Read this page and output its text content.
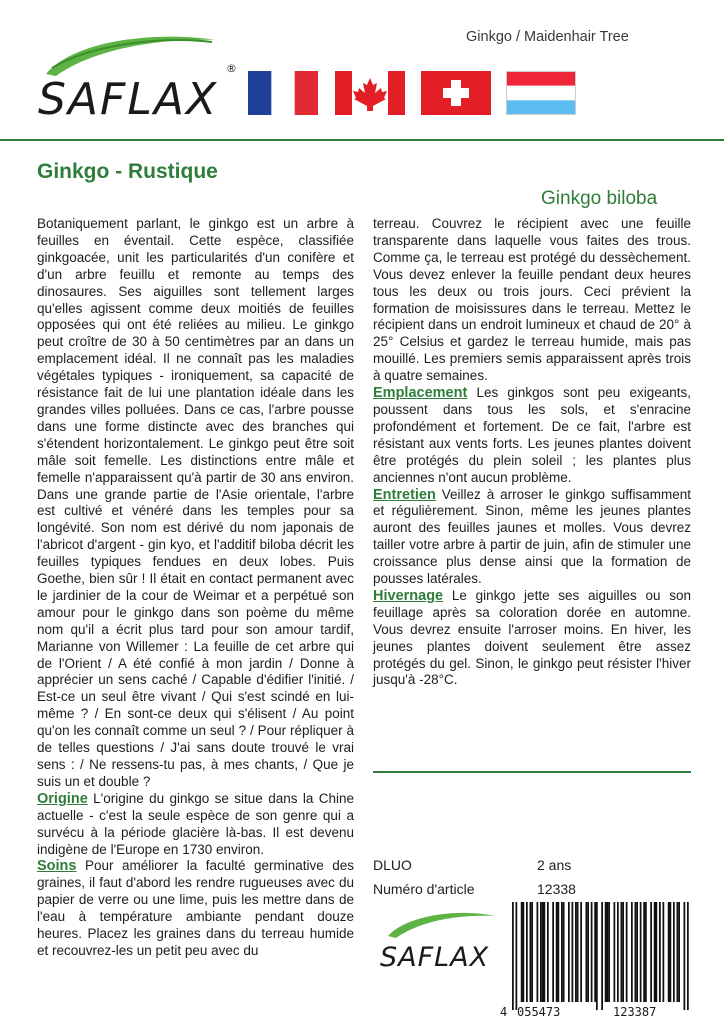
Ginkgo / Maidenhair Tree
SAFLAX
®
Ginkgo - Rustique
Ginkgo biloba

Botaniquement parlant, le ginkgo est un arbre à feuilles en éventail. Cette espèce, classifiée ginkgoacée, unit les particularités d'un conifère et d'un arbre feuillu et remonte au temps des dinosaures. Ses aiguilles sont tellement larges qu'elles agissent comme deux moitiés de feuilles opposées qui ont été reliées au milieu. Le ginkgo peut croître de 30 à 50 centimètres par an dans un emplacement idéal. Il ne connaît pas les maladies végétales typiques - ironiquement, sa capacité de résistance fait de lui une plantation idéale dans les grandes villes polluées. Dans ce cas, l'arbre pousse dans une forme distincte avec des branches qui s'étendent horizontalement. Le ginkgo peut être soit mâle soit femelle. Les distinctions entre mâle et femelle n'apparaissent qu'à partir de 30 ans environ. Dans une grande partie de l'Asie orientale, l'arbre est cultivé et vénéré dans les temples pour sa longévité. Son nom est dérivé du nom japonais de l'abricot d'argent - gin kyo, et l'additif biloba décrit les feuilles typiques fendues en deux lobes. Puis Goethe, bien sûr ! Il était en contact permanent avec le jardinier de la cour de Weimar et a perpétué son amour pour le ginkgo dans son poème du même nom qu'il a écrit plus tard pour son amour tardif, Marianne von Willemer : La feuille de cet arbre qui de l'Orient / A été confié à mon jardin / Donne à apprécier un sens caché / Capable d'édifier l'initié. / Est-ce un seul être vivant / Qui s'est scindé en lui-même ? / En sont-ce deux qui s'élisent / Au point qu'on les connaît comme un seul ? / Pour répliquer à de telles questions / J'ai sans doute trouvé le vrai sens : / Ne ressens-tu pas, à mes chants, / Que je suis un et double ?

Origine L'origine du ginkgo se situe dans la Chine actuelle - c'est la seule espèce de son genre qui a survécu à la période glacière là-bas. Il est devenu indigène de l'Europe en 1730 environ.

Soins Pour améliorer la faculté germinative des graines, il faut d'abord les rendre rugueuses avec du papier de verre ou une lime, puis les mettre dans de l'eau à température ambiante pendant douze heures. Placez les graines dans du terreau humide et recouvrez-les un petit peu avec du

terreau. Couvrez le récipient avec une feuille transparente dans laquelle vous faites des trous. Comme ça, le terreau est protégé du dessèchement. Vous devez enlever la feuille pendant deux heures tous les deux ou trois jours. Ceci prévient la formation de moisissures dans le terreau. Mettez le récipient dans un endroit lumineux et chaud de 20° à 25° Celsius et gardez le terreau humide, mais pas mouillé. Les premiers semis apparaissent après trois à quatre semaines.

Emplacement Les ginkgos sont peu exigeants, poussent dans tous les sols, et s'enracine profondément et fortement. De ce fait, l'arbre est résistant aux vents forts. Les jeunes plantes doivent être protégés du plein soleil ; les plantes plus anciennes n'ont aucun problème.

Entretien Veillez à arroser le ginkgo suffisamment et régulièrement. Sinon, même les jeunes plantes auront des feuilles jaunes et molles. Vous devrez tailler votre arbre à partir de juin, afin de stimuler une croissance plus dense ainsi que la formation de pousses latérales.

Hivernage Le ginkgo jette ses aiguilles ou son feuillage après sa coloration dorée en automne. Vous devrez ensuite l'arroser moins. En hiver, les jeunes plantes doivent seulement être assez protégés du gel. Sinon, le ginkgo peut résister l'hiver jusqu'à -28°C.

DLUO	2 ans
Numéro d'article	12338
SAFLAX
4 055473	123387
